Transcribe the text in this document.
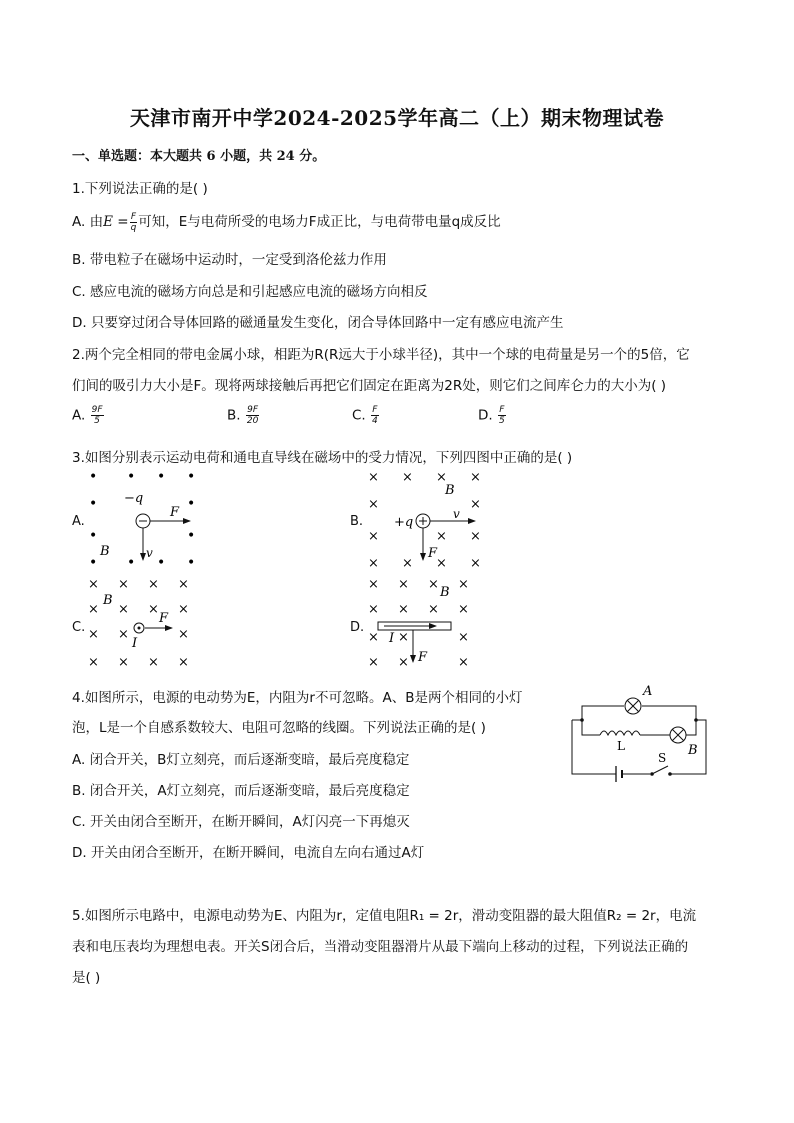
天津市南开中学2024-2025学年高二（上）期末物理试卷
一、单选题：本大题共 6 小题，共 24 分。
1.下列说法正确的是( )
A. 由$E = \frac{F}{q}$ 可知，E与电荷所受的电场力F成正比，与电荷带电量q成反比
B. 带电粒子在磁场中运动时，一定受到洛伦兹力作用
C. 感应电流的磁场方向总是和引起感应电流的磁场方向相反
D. 只要穿过闭合导体回路的磁通量发生变化，闭合导体回路中一定有感应电流产生
2.两个完全相同的带电金属小球，相距为R(R远大于小球半径)，其中一个球的电荷量是另一个的5倍，它
们间的吸引力大小是F。现将两球接触后再把它们固定在距离为2R处，则它们之间库仑力的大小为( )
A. $\frac{9F}{5}$	B. $\frac{9F}{20}$	C. $\frac{F}{4}$	D. $\frac{F}{5}$
3.如图分别表示运动电荷和通电直导线在磁场中的受力情况，下列四图中正确的是( )
A.	B.
C.	D.
• • • •
•	•
•	•
• • • •
−q
F
B	v
× × × ×
×	×
×	× ×
× × × ×
+q
v
B
F
× × × ×
× × × ×
× ×	×
× × × ×
B
F
I
× × × ×
× × × ×
× ×	×
× ×	×
B
I
F
4.如图所示，电源的电动势为E，内阻为r不可忽略。A、B是两个相同的小灯
泡，L是一个自感系数较大、电阻可忽略的线圈。下列说法正确的是( )
A. 闭合开关，B灯立刻亮，而后逐渐变暗，最后亮度稳定
B. 闭合开关，A灯立刻亮，而后逐渐变暗，最后亮度稳定
C. 开关由闭合至断开，在断开瞬间，A灯闪亮一下再熄灭
D. 开关由闭合至断开，在断开瞬间，电流自左向右通过A灯
A
B
L
S
5.如图所示电路中，电源电动势为E、内阻为r，定值电阻R₁ = 2r，滑动变阻器的最大阻值R₂ = 2r，电流
表和电压表均为理想电表。开关S闭合后，当滑动变阻器滑片从最下端向上移动的过程，下列说法正确的
是( )
